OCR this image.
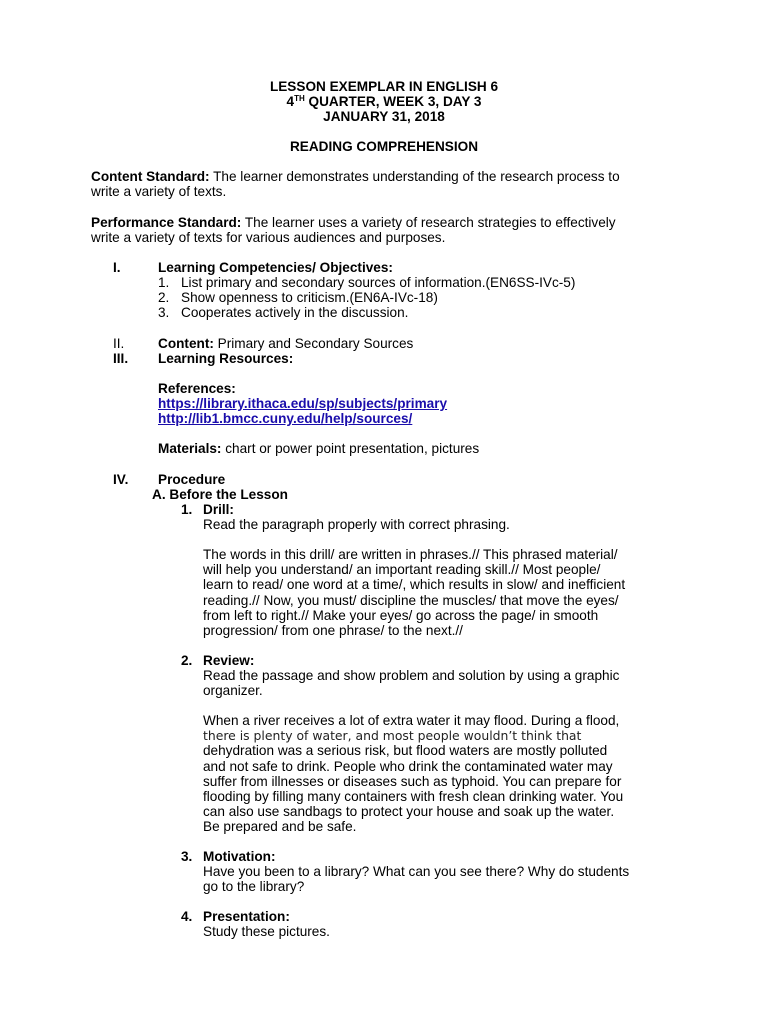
LESSON EXEMPLAR IN ENGLISH 6
4TH QUARTER, WEEK 3, DAY 3
JANUARY 31, 2018
READING COMPREHENSION
Content Standard: The learner demonstrates understanding of the research process to
write a variety of texts.
Performance Standard: The learner uses a variety of research strategies to effectively
write a variety of texts for various audiences and purposes.
I.	Learning Competencies/ Objectives:
1. List primary and secondary sources of information.(EN6SS-IVc-5)
2. Show openness to criticism.(EN6A-IVc-18)
3. Cooperates actively in the discussion.
II. Content: Primary and Secondary Sources
III. Learning Resources:
References:
https://library.ithaca.edu/sp/subjects/primary
http://lib1.bmcc.cuny.edu/help/sources/
Materials: chart or power point presentation, pictures
IV. Procedure
A. Before the Lesson
1. Drill:
Read the paragraph properly with correct phrasing.
The words in this drill/ are written in phrases.// This phrased material/
will help you understand/ an important reading skill.// Most people/
learn to read/ one word at a time/, which results in slow/ and inefficient
reading.// Now, you must/ discipline the muscles/ that move the eyes/
from left to right.// Make your eyes/ go across the page/ in smooth
progression/ from one phrase/ to the next.//
2. Review:
Read the passage and show problem and solution by using a graphic
organizer.
When a river receives a lot of extra water it may flood. During a flood,
there is plenty of water, and most people wouldn’t think that
dehydration was a serious risk, but flood waters are mostly polluted
and not safe to drink. People who drink the contaminated water may
suffer from illnesses or diseases such as typhoid. You can prepare for
flooding by filling many containers with fresh clean drinking water. You
can also use sandbags to protect your house and soak up the water.
Be prepared and be safe.
3. Motivation:
Have you been to a library? What can you see there? Why do students
go to the library?
4. Presentation:
Study these pictures.
